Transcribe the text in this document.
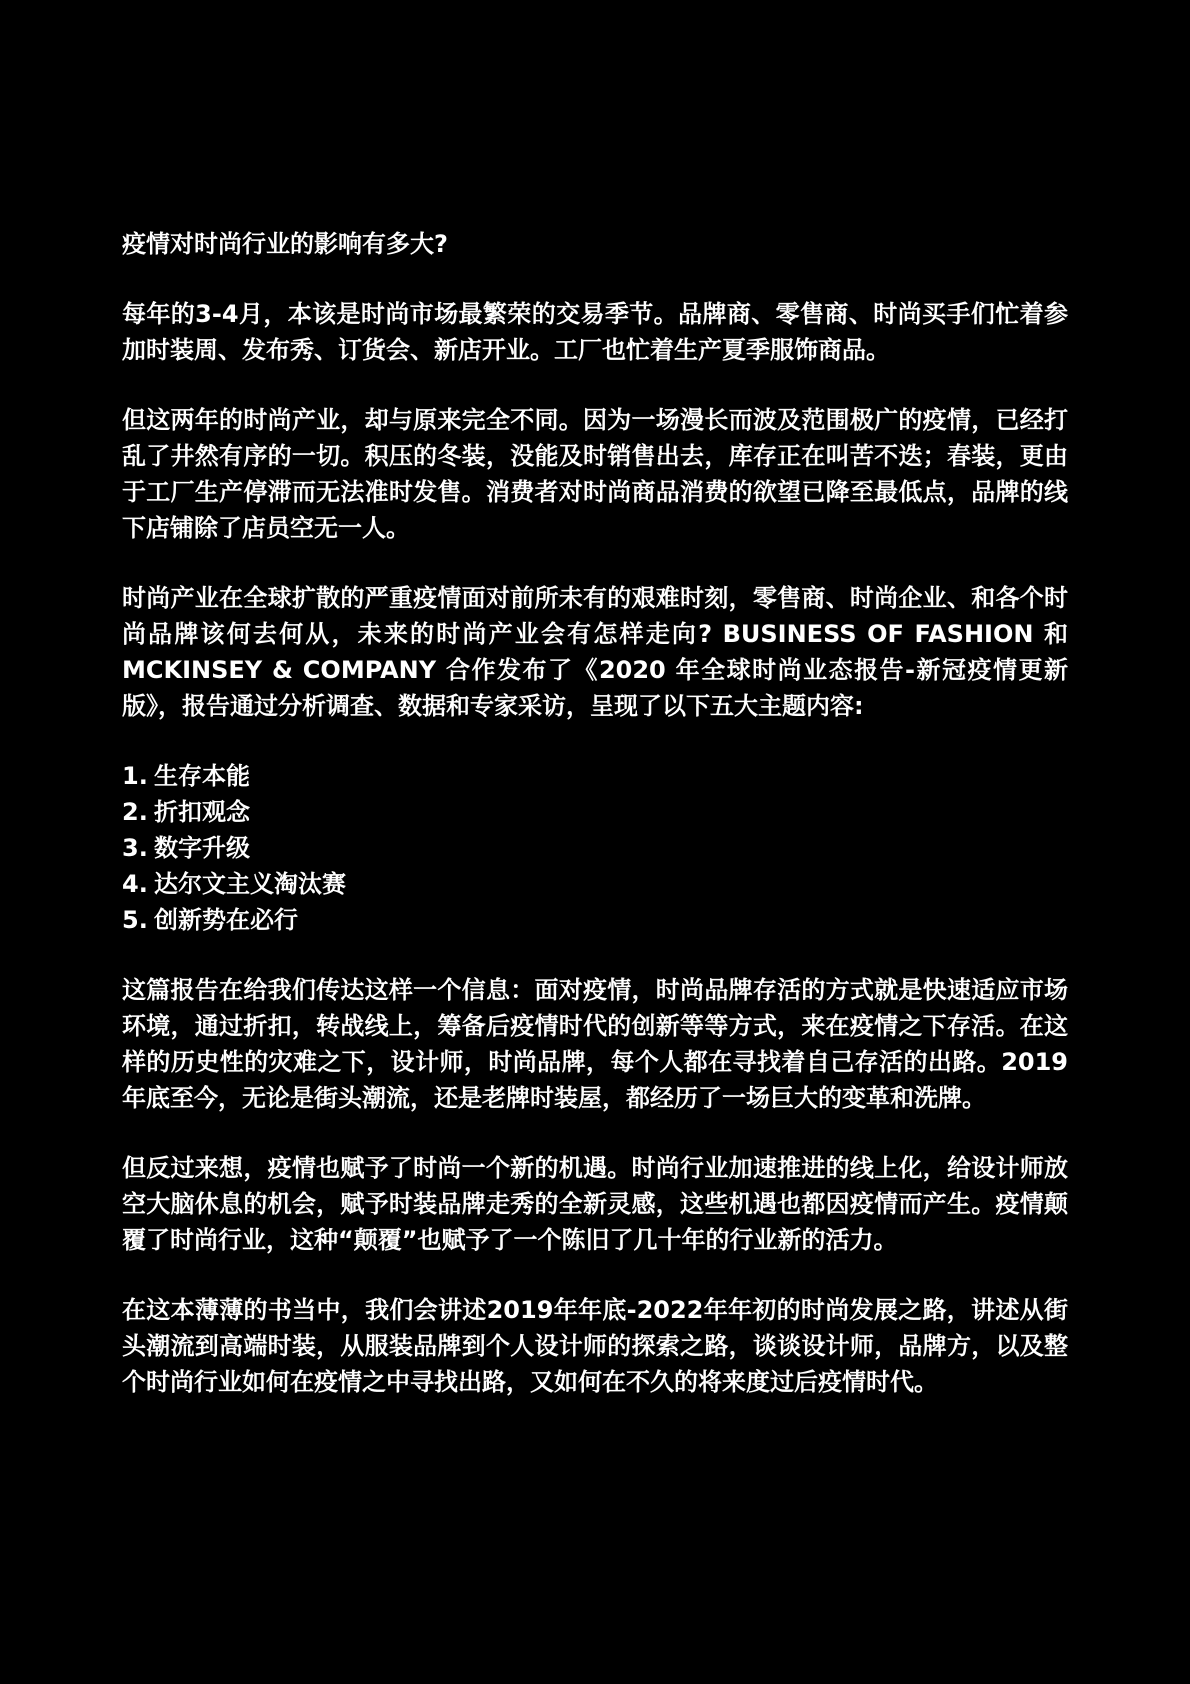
疫情对时尚行业的影响有多大?

每年的3-4月，本该是时尚市场最繁荣的交易季节。品牌商、零售商、时尚买手们忙着参加时装周、发布秀、订货会、新店开业。工厂也忙着生产夏季服饰商品。

但这两年的时尚产业，却与原来完全不同。因为一场漫长而波及范围极广的疫情，已经打乱了井然有序的一切。积压的冬装，没能及时销售出去，库存正在叫苦不迭；春装，更由于工厂生产停滞而无法准时发售。消费者对时尚商品消费的欲望已降至最低点，品牌的线下店铺除了店员空无一人。

时尚产业在全球扩散的严重疫情面对前所未有的艰难时刻，零售商、时尚企业、和各个时尚品牌该何去何从，未来的时尚产业会有怎样走向? BUSINESS OF FASHION 和 MCKINSEY & COMPANY 合作发布了《2020 年全球时尚业态报告-新冠疫情更新版》，报告通过分析调查、数据和专家采访，呈现了以下五大主题内容:

1. 生存本能
2. 折扣观念
3. 数字升级
4. 达尔文主义淘汰赛
5. 创新势在必行

这篇报告在给我们传达这样一个信息：面对疫情，时尚品牌存活的方式就是快速适应市场环境，通过折扣，转战线上，筹备后疫情时代的创新等等方式，来在疫情之下存活。在这样的历史性的灾难之下，设计师，时尚品牌，每个人都在寻找着自己存活的出路。2019年底至今，无论是街头潮流，还是老牌时装屋，都经历了一场巨大的变革和洗牌。

但反过来想，疫情也赋予了时尚一个新的机遇。时尚行业加速推进的线上化，给设计师放空大脑休息的机会，赋予时装品牌走秀的全新灵感，这些机遇也都因疫情而产生。疫情颠覆了时尚行业，这种“颠覆”也赋予了一个陈旧了几十年的行业新的活力。

在这本薄薄的书当中，我们会讲述2019年年底-2022年年初的时尚发展之路，讲述从街头潮流到高端时装，从服装品牌到个人设计师的探索之路，谈谈设计师，品牌方，以及整个时尚行业如何在疫情之中寻找出路，又如何在不久的将来度过后疫情时代。
